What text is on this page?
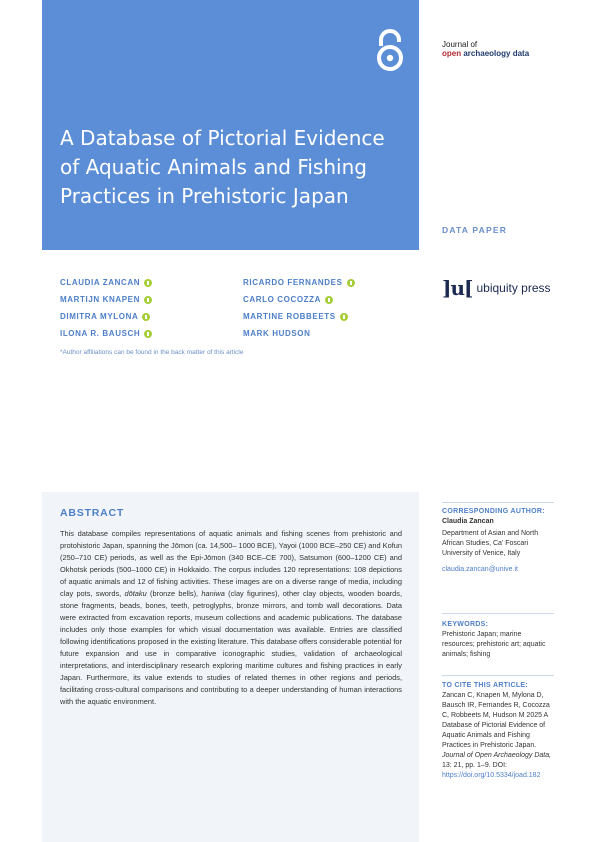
A Database of Pictorial Evidence of Aquatic Animals and Fishing Practices in Prehistoric Japan
Journal of
open archaeology data
DATA PAPER
]u[ ubiquity press
CLAUDIA ZANCAN
MARTIJN KNAPEN
DIMITRA MYLONA
ILONA R. BAUSCH
RICARDO FERNANDES
CARLO COCOZZA
MARTINE ROBBEETS
MARK HUDSON
*Author affiliations can be found in the back matter of this article
ABSTRACT

This database compiles representations of aquatic animals and fishing scenes from prehistoric and protohistoric Japan, spanning the Jōmon (ca. 14,500– 1000 BCE), Yayoi (1000 BCE–250 CE) and Kofun (250–710 CE) periods, as well as the Epi-Jōmon (340 BCE–CE 700), Satsumon (600–1200 CE) and Okhotsk periods (500–1000 CE) in Hokkaido. The corpus includes 120 representations: 108 depictions of aquatic animals and 12 of fishing activities. These images are on a diverse range of media, including clay pots, swords, dōtaku (bronze bells), haniwa (clay figurines), other clay objects, wooden boards, stone fragments, beads, bones, teeth, petroglyphs, bronze mirrors, and tomb wall decorations. Data were extracted from excavation reports, museum collections and academic publications. The database includes only those examples for which visual documentation was available. Entries are classified following identifications proposed in the existing literature. This database offers considerable potential for future expansion and use in comparative iconographic studies, validation of archaeological interpretations, and interdisciplinary research exploring maritime cultures and fishing practices in early Japan. Furthermore, its value extends to studies of related themes in other regions and periods, facilitating cross-cultural comparisons and contributing to a deeper understanding of human interactions with the aquatic environment.

CORRESPONDING AUTHOR:
Claudia Zancan
Department of Asian and North African Studies, Ca' Foscari University of Venice, Italy
claudia.zancan@unive.it
KEYWORDS:
Prehistoric Japan; marine resources; prehistoric art; aquatic animals; fishing
TO CITE THIS ARTICLE:
Zancan C, Knapen M, Mylona D, Bausch IR, Fernandes R, Cocozza C, Robbeets M, Hudson M 2025 A Database of Pictorial Evidence of Aquatic Animals and Fishing Practices in Prehistoric Japan. Journal of Open Archaeology Data, 13: 21, pp. 1–9. DOI: https://doi.org/10.5334/joad.182
